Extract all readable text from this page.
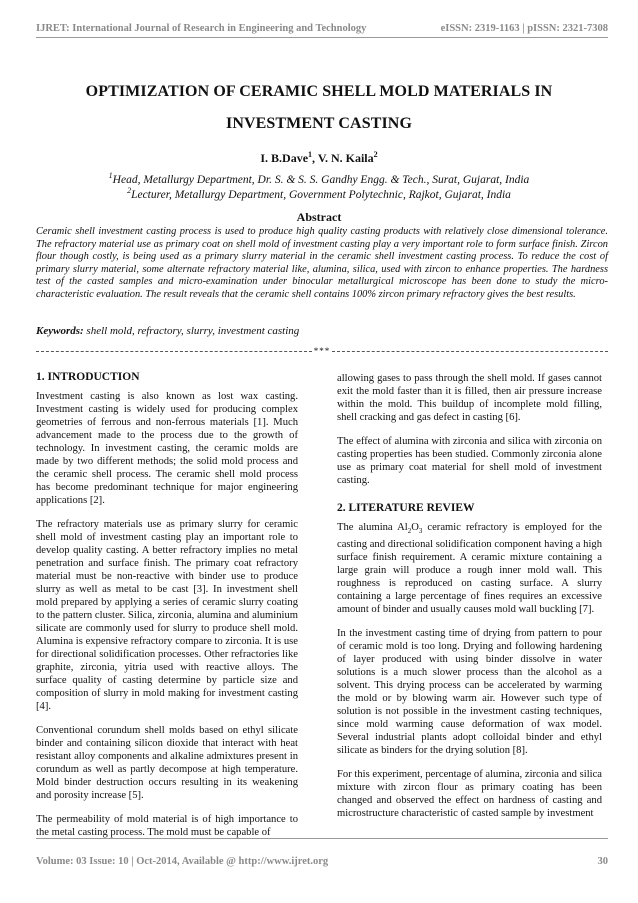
IJRET: International Journal of Research in Engineering and Technology	eISSN: 2319-1163 | pISSN: 2321-7308
OPTIMIZATION OF CERAMIC SHELL MOLD MATERIALS IN
INVESTMENT CASTING
I. B.Dave$^1$, V. N. Kaila$^2$
$^1$Head, Metallurgy Department, Dr. S. & S. S. Gandhy Engg. & Tech., Surat, Gujarat, India
$^2$Lecturer, Metallurgy Department, Government Polytechnic, Rajkot, Gujarat, India
Abstract
Ceramic shell investment casting process is used to produce high quality casting products with relatively close dimensional tolerance. The refractory material use as primary coat on shell mold of investment casting play a very important role to form surface finish. Zircon flour though costly, is being used as a primary slurry material in the ceramic shell investment casting process. To reduce the cost of primary slurry material, some alternate refractory material like, alumina, silica, used with zircon to enhance properties. The hardness test of the casted samples and micro-examination under binocular metallurgical microscope has been done to study the micro-characteristic evaluation. The result reveals that the ceramic shell contains 100% zircon primary refractory gives the best results.
Keywords: shell mold, refractory, slurry, investment casting
***
1. INTRODUCTION

Investment casting is also known as lost wax casting. Investment casting is widely used for producing complex geometries of ferrous and non-ferrous materials [1]. Much advancement made to the process due to the growth of technology. In investment casting, the ceramic molds are made by two different methods; the solid mold process and the ceramic shell process. The ceramic shell mold process has become predominant technique for major engineering applications [2].

The refractory materials use as primary slurry for ceramic shell mold of investment casting play an important role to develop quality casting. A better refractory implies no metal penetration and surface finish. The primary coat refractory material must be non-reactive with binder use to produce slurry as well as metal to be cast [3]. In investment shell mold prepared by applying a series of ceramic slurry coating to the pattern cluster. Silica, zirconia, alumina and aluminium silicate are commonly used for slurry to produce shell mold. Alumina is expensive refractory compare to zirconia. It is use for directional solidification processes. Other refractories like graphite, zirconia, yitria used with reactive alloys. The surface quality of casting determine by particle size and composition of slurry in mold making for investment casting [4].

Conventional corundum shell molds based on ethyl silicate binder and containing silicon dioxide that interact with heat resistant alloy components and alkaline admixtures present in corundum as well as partly decompose at high temperature. Mold binder destruction occurs resulting in its weakening and porosity increase [5].

The permeability of mold material is of high importance to the metal casting process. The mold must be capable of

allowing gases to pass through the shell mold. If gases cannot exit the mold faster than it is filled, then air pressure increase within the mold. This buildup of incomplete mold filling, shell cracking and gas defect in casting [6].

The effect of alumina with zirconia and silica with zirconia on casting properties has been studied. Commonly zirconia alone use as primary coat material for shell mold of investment casting.

2. LITERATURE REVIEW

The alumina $Al_2O_3$ ceramic refractory is employed for the casting and directional solidification component having a high surface finish requirement. A ceramic mixture containing a large grain will produce a rough inner mold wall. This roughness is reproduced on casting surface. A slurry containing a large percentage of fines requires an excessive amount of binder and usually causes mold wall buckling [7].

In the investment casting time of drying from pattern to pour of ceramic mold is too long. Drying and following hardening of layer produced with using binder dissolve in water solutions is a much slower process than the alcohol as a solvent. This drying process can be accelerated by warming the mold or by blowing warm air. However such type of solution is not possible in the investment casting techniques, since mold warming cause deformation of wax model. Several industrial plants adopt colloidal binder and ethyl silicate as binders for the drying solution [8].

For this experiment, percentage of alumina, zirconia and silica mixture with zircon flour as primary coating has been changed and observed the effect on hardness of casting and microstructure characteristic of casted sample by investment

Volume: 03 Issue: 10 | Oct-2014, Available @ http://www.ijret.org	30
